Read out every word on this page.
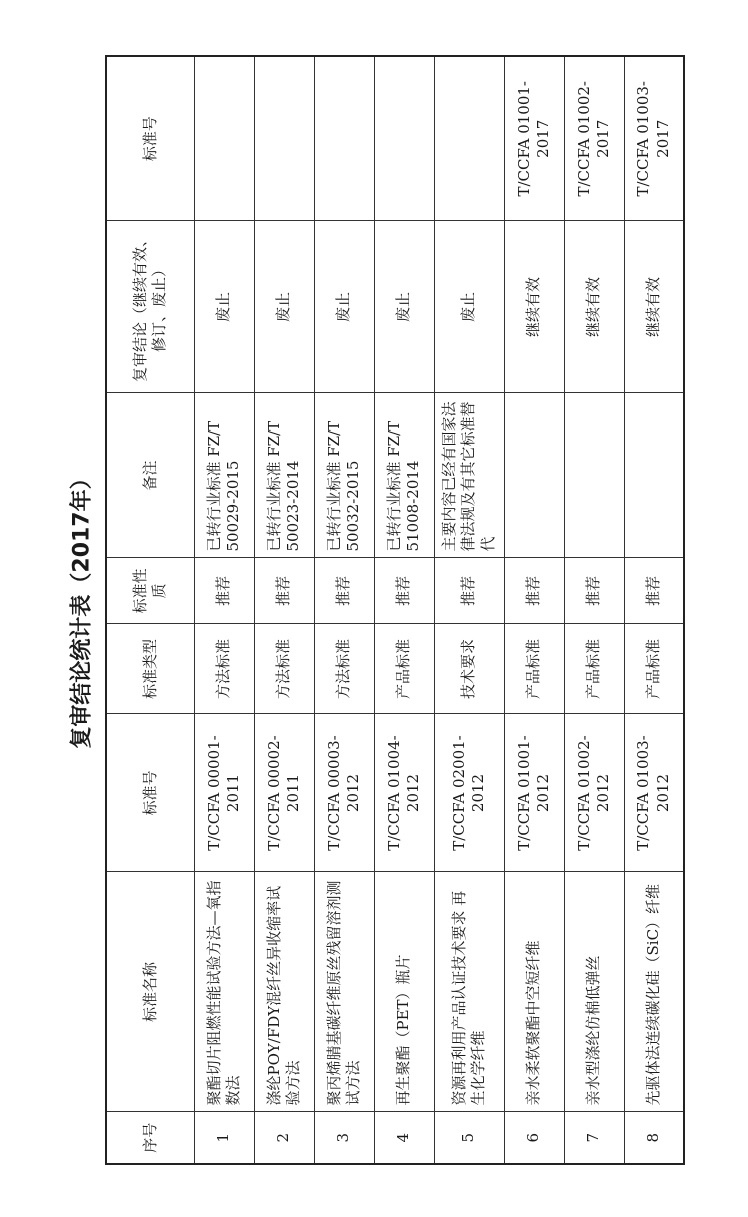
复审结论统计表（2017年）
序号	标准名称	标准号	标准类型	标准性质	备注	复审结论（继续有效、修订、废止）	标准号
1	聚酯切片阻燃性能试验方法—氧指数法	T/CCFA 00001-2011	方法标准	推荐	已转行业标准 FZ/T 50029-2015	废止	
2	涤纶POY/FDY混纤丝异收缩率试验方法	T/CCFA 00002-2011	方法标准	推荐	已转行业标准 FZ/T 50023-2014	废止	
3	聚丙烯腈基碳纤维原丝残留溶剂测试方法	T/CCFA 00003-2012	方法标准	推荐	已转行业标准 FZ/T 50032-2015	废止	
4	再生聚酯（PET）瓶片	T/CCFA 01004-2012	产品标准	推荐	已转行业标准 FZ/T 51008-2014	废止	
5	资源再利用产品认证技术要求 再生化学纤维	T/CCFA 02001-2012	技术要求	推荐	主要内容已经有国家法律法规及有其它标准替代	废止	
6	亲水柔软聚酯中空短纤维	T/CCFA 01001-2012	产品标准	推荐		继续有效	T/CCFA 01001-2017
7	亲水型涤纶仿棉低弹丝	T/CCFA 01002-2012	产品标准	推荐		继续有效	T/CCFA 01002-2017
8	先驱体法连续碳化硅（SiC）纤维	T/CCFA 01003-2012	产品标准	推荐		继续有效	T/CCFA 01003-2017
